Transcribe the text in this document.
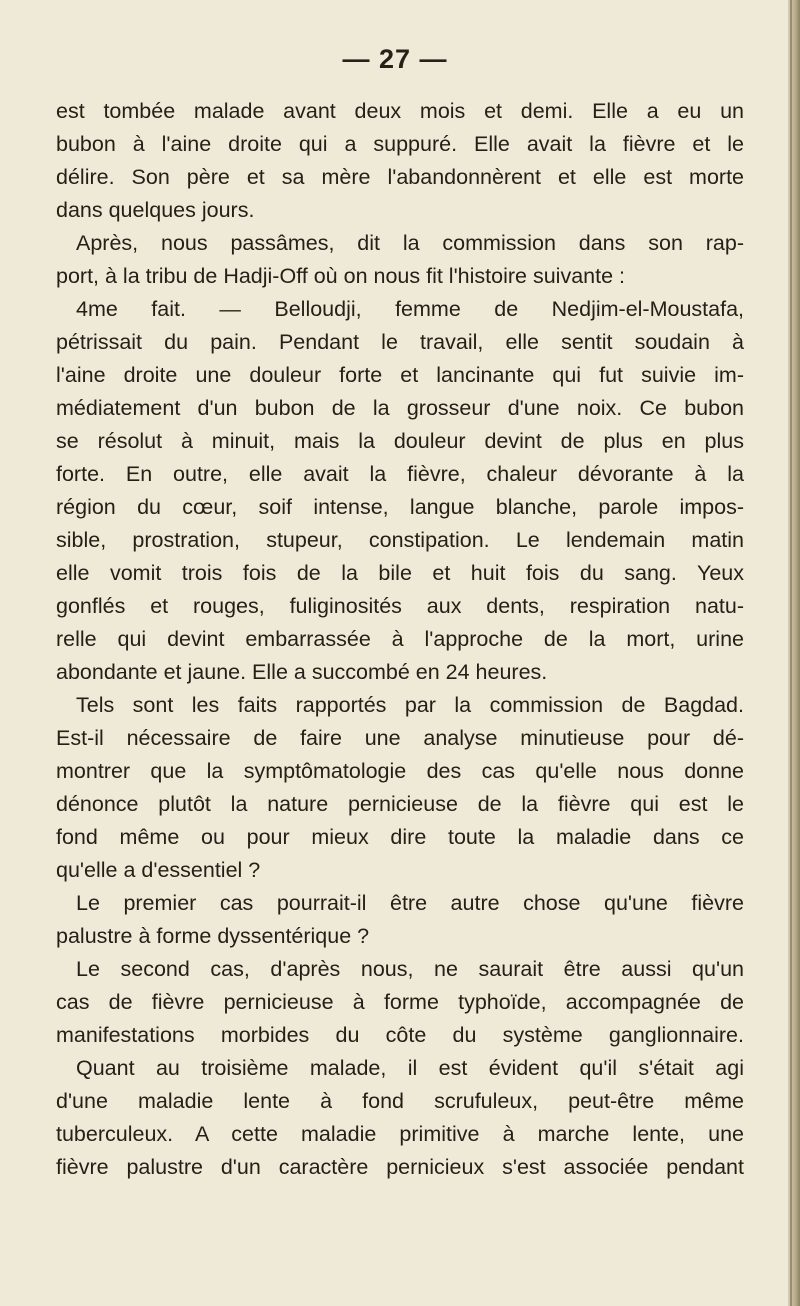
— 27 —

est tombée malade avant deux mois et demi. Elle a eu un

bubon à l'aine droite qui a suppuré. Elle avait la fièvre et le

délire. Son père et sa mère l'abandonnèrent et elle est morte

dans quelques jours.

Après, nous passâmes, dit la commission dans son rap-

port, à la tribu de Hadji-Off où on nous fit l'histoire suivante :

4me fait. — Belloudji, femme de Nedjim-el-Moustafa,

pétrissait du pain. Pendant le travail, elle sentit soudain à

l'aine droite une douleur forte et lancinante qui fut suivie im-

médiatement d'un bubon de la grosseur d'une noix. Ce bubon

se résolut à minuit, mais la douleur devint de plus en plus

forte. En outre, elle avait la fièvre, chaleur dévorante à la

région du cœur, soif intense, langue blanche, parole impos-

sible, prostration, stupeur, constipation. Le lendemain matin

elle vomit trois fois de la bile et huit fois du sang. Yeux

gonflés et rouges, fuliginosités aux dents, respiration natu-

relle qui devint embarrassée à l'approche de la mort, urine

abondante et jaune. Elle a succombé en 24 heures.

Tels sont les faits rapportés par la commission de Bagdad.

Est-il nécessaire de faire une analyse minutieuse pour dé-

montrer que la symptômatologie des cas qu'elle nous donne

dénonce plutôt la nature pernicieuse de la fièvre qui est le

fond même ou pour mieux dire toute la maladie dans ce

qu'elle a d'essentiel ?

Le premier cas pourrait-il être autre chose qu'une fièvre

palustre à forme dyssentérique ?

Le second cas, d'après nous, ne saurait être aussi qu'un

cas de fièvre pernicieuse à forme typhoïde, accompagnée de

manifestations morbides du côte du système ganglionnaire.

Quant au troisième malade, il est évident qu'il s'était agi

d'une maladie lente à fond scrufuleux, peut-être même

tuberculeux. A cette maladie primitive à marche lente, une

fièvre palustre d'un caractère pernicieux s'est associée pendant
